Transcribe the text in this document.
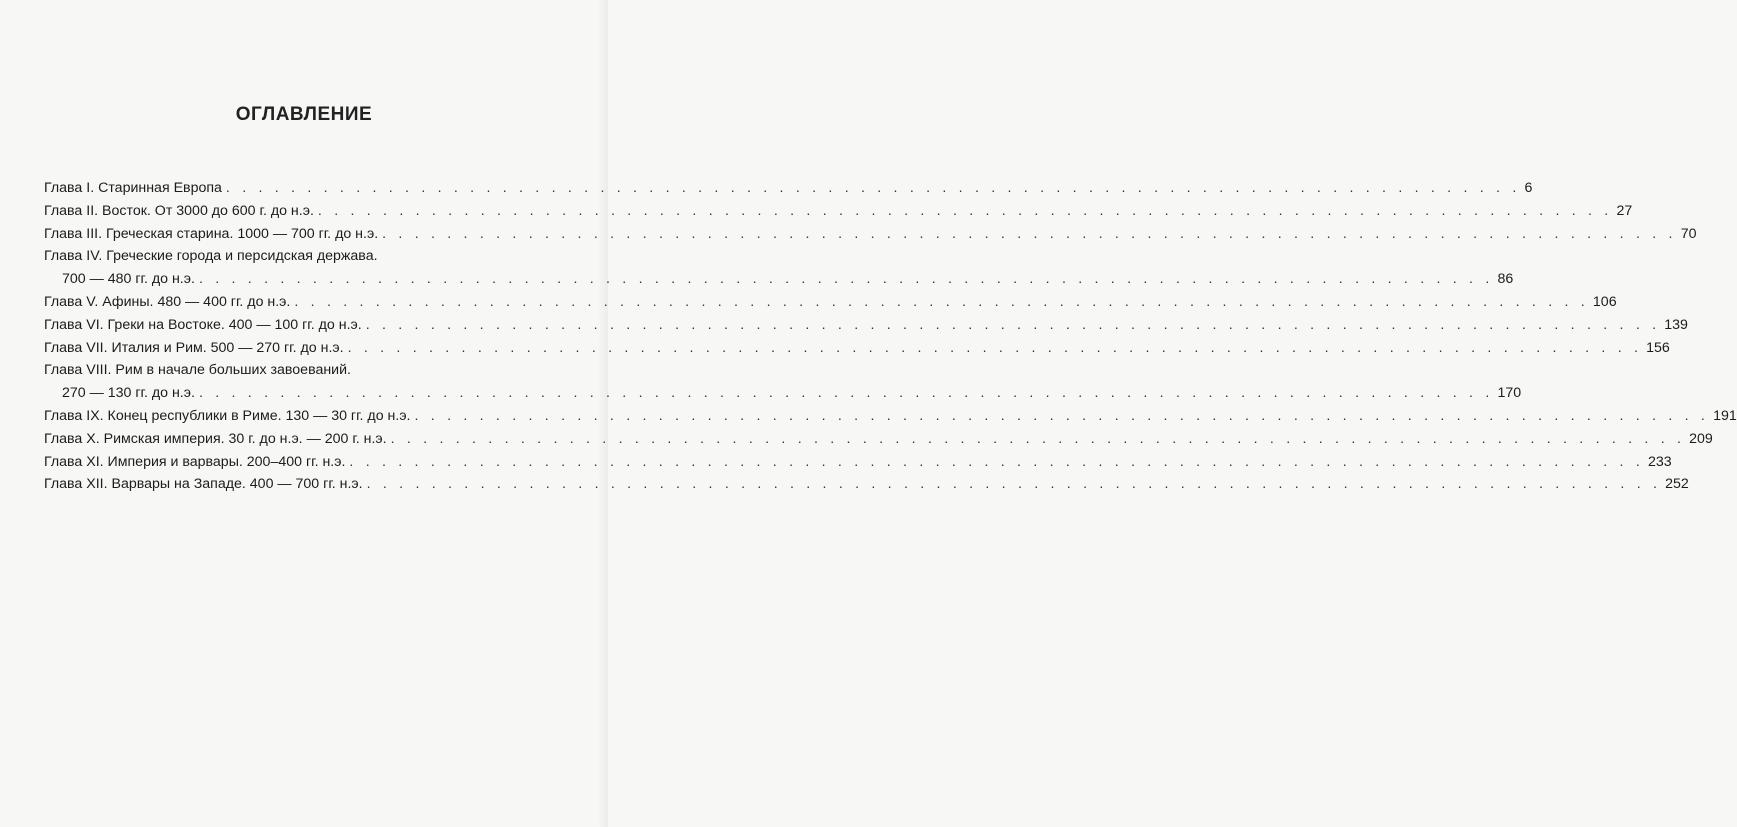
ОГЛАВЛЕНИЕ
Глава I. Старинная Европа . . . . . . . . . . . . . . . . . . . . . . . . . . . . . . . . . . . . . . . . . . . . . . . . . . . . . . . . . . . . . . . . . . . . . . . . . . . . . . . . 6
Глава II. Восток. От 3000 до 600 г. до н.э. . . . . . . . . . . . . . . . . . . . . . . . . . . . . . . . . . . . . . . . . . . . . . . . . . . . . . . . . . . . . . . . . . . . . . . . . . . . . . . . . 27
Глава III. Греческая старина. 1000 — 700 гг. до н.э. . . . . . . . . . . . . . . . . . . . . . . . . . . . . . . . . . . . . . . . . . . . . . . . . . . . . . . . . . . . . . . . . . . . . . . . . . . . . . . . . 70
Глава IV. Греческие города и персидская держава.
700 — 480 гг. до н.э. . . . . . . . . . . . . . . . . . . . . . . . . . . . . . . . . . . . . . . . . . . . . . . . . . . . . . . . . . . . . . . . . . . . . . . . . . . . . . . . . 86
Глава V. Афины. 480 — 400 гг. до н.э. . . . . . . . . . . . . . . . . . . . . . . . . . . . . . . . . . . . . . . . . . . . . . . . . . . . . . . . . . . . . . . . . . . . . . . . . . . . . . . . . 106
Глава VI. Греки на Востоке. 400 — 100 гг. до н.э. . . . . . . . . . . . . . . . . . . . . . . . . . . . . . . . . . . . . . . . . . . . . . . . . . . . . . . . . . . . . . . . . . . . . . . . . . . . . . . . . 139
Глава VII. Италия и Рим. 500 — 270 гг. до н.э. . . . . . . . . . . . . . . . . . . . . . . . . . . . . . . . . . . . . . . . . . . . . . . . . . . . . . . . . . . . . . . . . . . . . . . . . . . . . . . . . 156
Глава VIII. Рим в начале больших завоеваний.
270 — 130 гг. до н.э. . . . . . . . . . . . . . . . . . . . . . . . . . . . . . . . . . . . . . . . . . . . . . . . . . . . . . . . . . . . . . . . . . . . . . . . . . . . . . . . . 170
Глава IX. Конец республики в Риме. 130 — 30 гг. до н.э. . . . . . . . . . . . . . . . . . . . . . . . . . . . . . . . . . . . . . . . . . . . . . . . . . . . . . . . . . . . . . . . . . . . . . . . . . . . . . . . . 191
Глава X. Римская империя. 30 г. до н.э. — 200 г. н.э. . . . . . . . . . . . . . . . . . . . . . . . . . . . . . . . . . . . . . . . . . . . . . . . . . . . . . . . . . . . . . . . . . . . . . . . . . . . . . . . . 209
Глава XI. Империя и варвары. 200–400 гг. н.э. . . . . . . . . . . . . . . . . . . . . . . . . . . . . . . . . . . . . . . . . . . . . . . . . . . . . . . . . . . . . . . . . . . . . . . . . . . . . . . . . 233
Глава XII. Варвары на Западе. 400 — 700 гг. н.э. . . . . . . . . . . . . . . . . . . . . . . . . . . . . . . . . . . . . . . . . . . . . . . . . . . . . . . . . . . . . . . . . . . . . . . . . . . . . . . . . 252
